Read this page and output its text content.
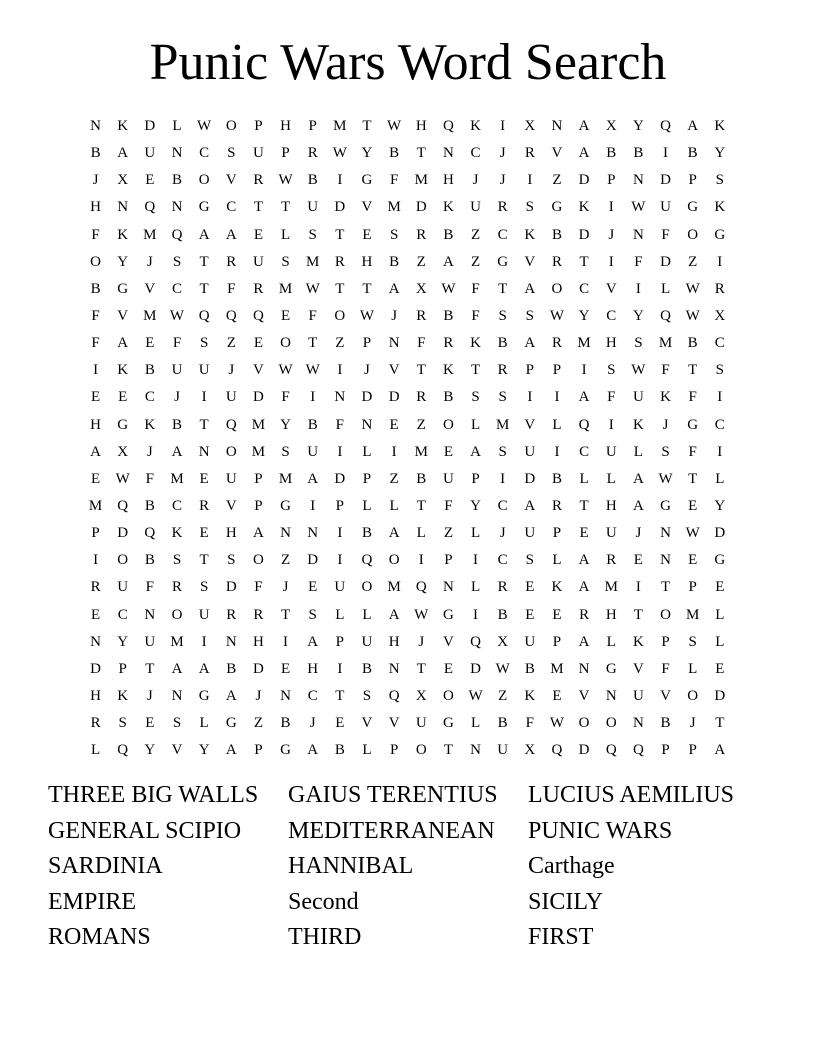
Punic Wars Word Search
N	K	D	L	W O	P	H	P	M	T	W H	Q	K	I	X	N	A	X	Y	Q	A	K
B	A	U	N	C	S	U	P	R	W Y	B	T	N	C	J	R	V	A	B	B	I	B	Y
J	X	E	B	O	V	R	W	B	I	G	F	M	H	J	J	I	Z	D	P	N	D	P	S
H	N	Q	N	G	C	T	T	U	D	V	M	D	K	U	R	S	G	K	I	W U	G	K
F	K	M	Q	A	A	E	L	S	T	E	S	R	B	Z	C	K	B	D	J	N	F	O	G
O	Y	J	S	T	R	U	S	M	R	H	B	Z	A	Z	G	V	R	T	I	F	D	Z	I
B	G	V	C	T	F	R	M W	T	T	A	X W	F	T	A	O	C	V	I	L	W	R
F	V	M W Q	Q	Q	E	F	O W	J	R	B	F	S	S	W Y	C	Y	Q W X
F	A	E	F	S	Z	E	O	T	Z	P	N	F	R	K	B	A	R	M	H	S	M	B	C
I	K	B	U	U	J	V W W	I	J	V	T	K	T	R	P	P	I	S	W	F	T	S
E	E	C	J	I	U	D	F	I	N	D	D	R	B	S	S	I	I	A	F	U	K	F	I
H	G	K	B	T	Q	M	Y	B	F	N	E	Z	O	L	M	V	L	Q	I	K	J	G	C
A	X	J	A	N	O	M	S	U	I	L	I	M	E	A	S	U	I	C	U	L	S	F	I
E	W	F	M	E	U	P	M	A	D	P	Z	B	U	P	I	D	B	L	L	A W	T	L
M	Q	B	C	R	V	P	G	I	P	L	L	T	F	Y	C	A	R	T	H	A	G	E	Y
P	D	Q	K	E	H	A	N	N	I	B	A	L	Z	L	J	U	P	E	U	J	N W D
I	O	B	S	T	S	O	Z	D	I	Q	O	I	P	I	C	S	L	A	R	E	N	E	G
R	U	F	R	S	D	F	J	E	U	O	M	Q	N	L	R	E	K	A	M	I	T	P	E
E	C	N	O	U	R	R	T	S	L	L	A W G	I	B	E	E	R	H	T	O	M	L
N	Y	U	M	I	N	H	I	A	P	U	H	J	V	Q	X	U	P	A	L	K	P	S	L
D	P	T	A	A	B	D	E	H	I	B	N	T	E	D W	B	M	N	G	V	F	L	E
H	K	J	N	G	A	J	N	C	T	S	Q	X	O W	Z	K	E	V	N	U	V	O	D
R	S	E	S	L	G	Z	B	J	E	V	V	U	G	L	B	F	W O	O	N	B	J	T
L	Q	Y	V	Y	A	P	G	A	B	L	P	O	T	N	U	X	Q	D	Q	Q	P	P	A
THREE BIG WALLS	GAIUS TERENTIUS	LUCIUS AEMILIUS
GENERAL SCIPIO	MEDITERRANEAN	PUNIC WARS
SARDINIA	HANNIBAL	Carthage
EMPIRE	Second	SICILY
ROMANS	THIRD	FIRST
